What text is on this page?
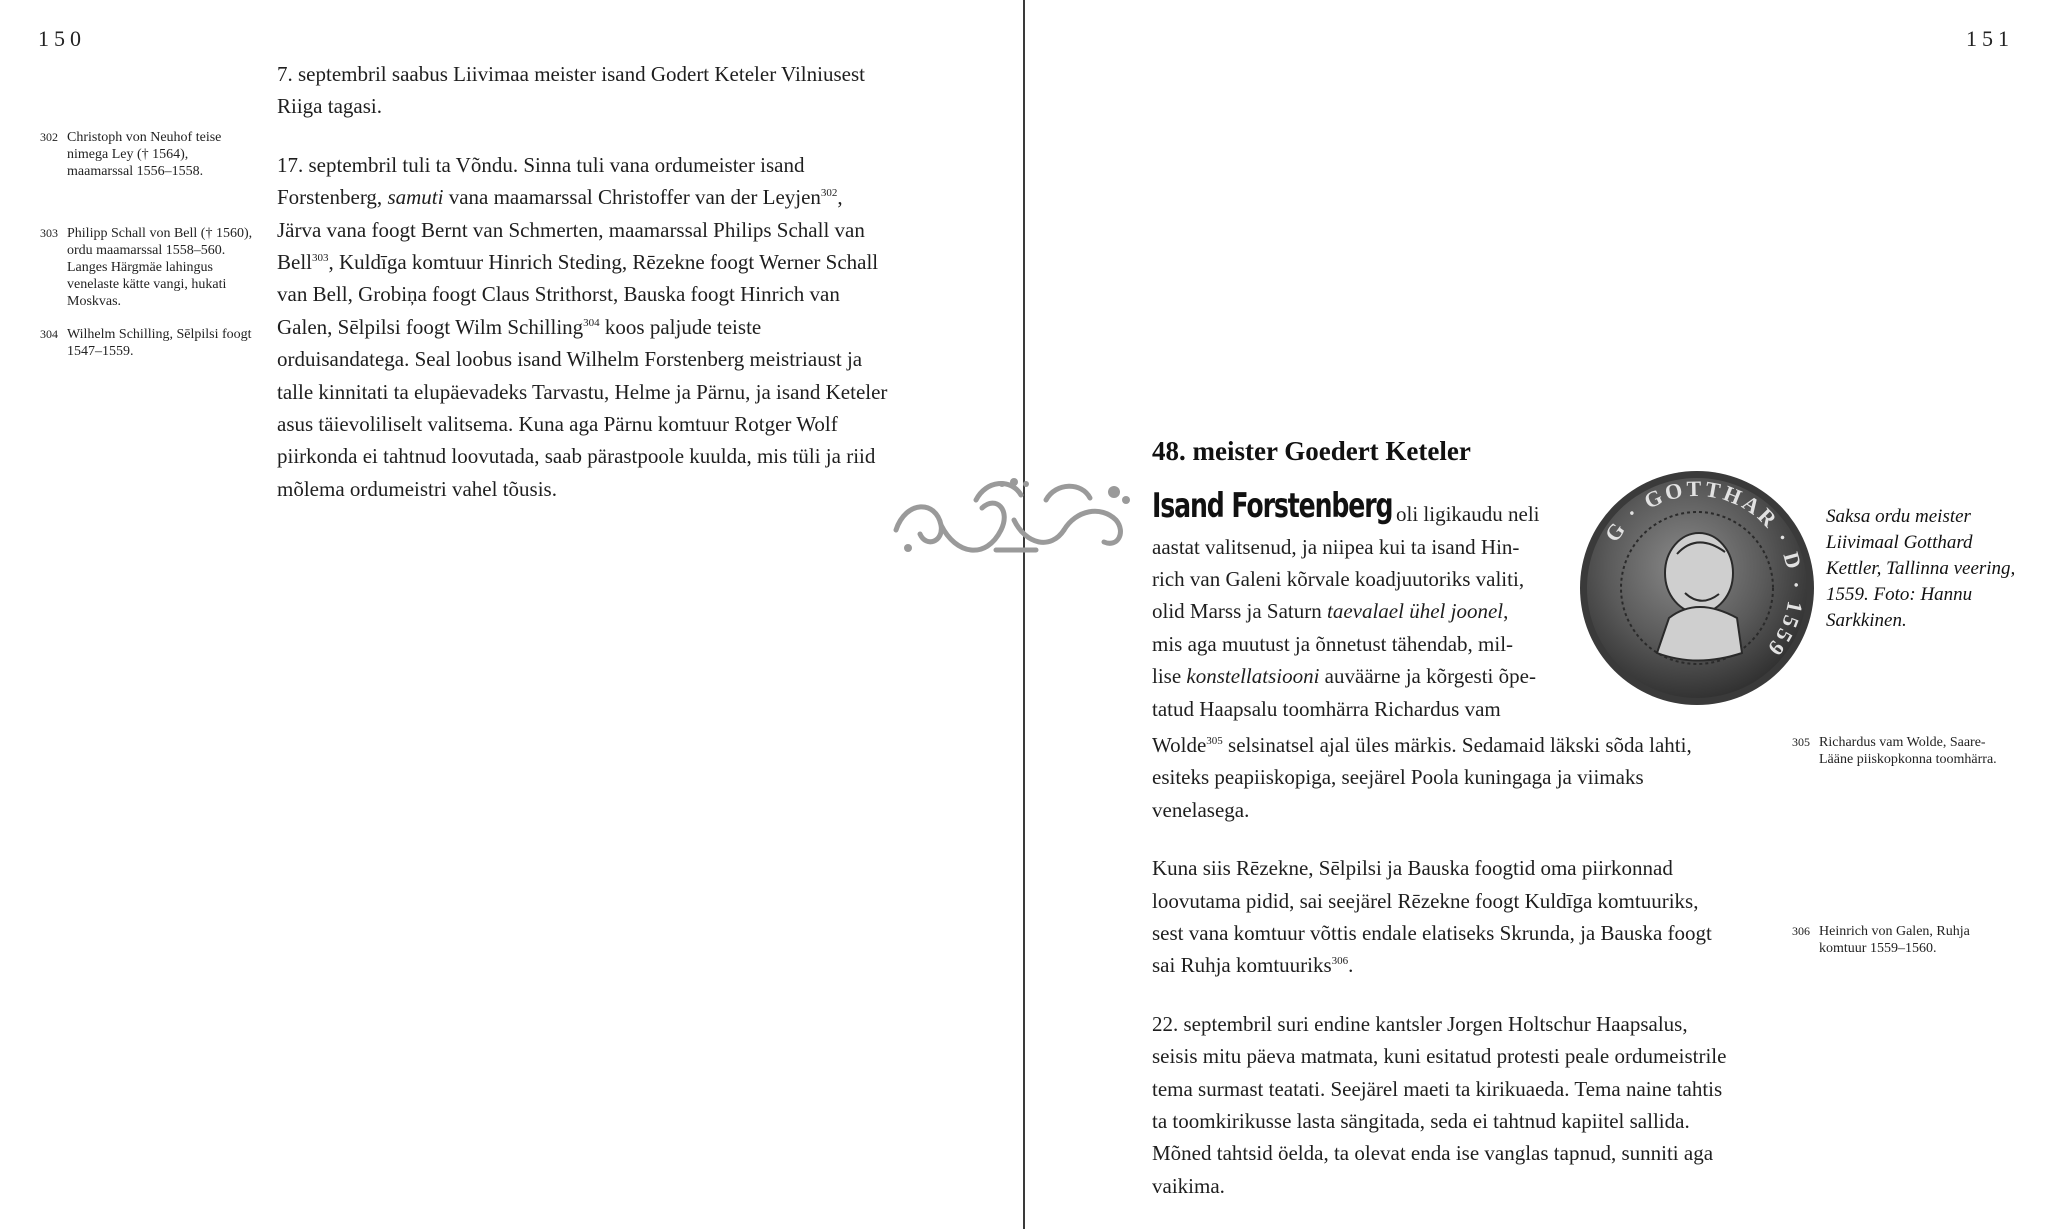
150
302 Christoph von Neuhof teise nimega Ley († 1564), maamarssal 1556–1558.
303 Philipp Schall von Bell († 1560), ordu maamarssal 1558–560. Langes Härgmäe lahingus venelaste kätte vangi, hukati Moskvas.
304 Wilhelm Schilling, Sēlpilsi foogt 1547–1559.

7. septembril saabus Liivimaa meister isand Godert Keteler Vilniusest Riiga tagasi.

17. septembril tuli ta Võndu. Sinna tuli vana ordumeister isand Forstenberg, samuti vana maamarssal Christoffer van der Leyjen$^{302}$, Järva vana foogt Bernt van Schmerten, maamarssal Philips Schall van Bell$^{303}$, Kuldīga komtuur Hinrich Steding, Rēzekne foogt Werner Schall van Bell, Grobiņa foogt Claus Strithorst, Bauska foogt Hinrich van Galen, Sēlpilsi foogt Wilm Schilling$^{304}$ koos paljude teiste orduisandatega. Seal loobus isand Wilhelm Forstenberg meistriaust ja talle kinnitati ta elupäevadeks Tarvastu, Helme ja Pärnu, ja isand Keteler asus täievoliliselt valitsema. Kuna aga Pärnu komtuur Rotger Wolf piirkonda ei tahtnud loovutada, saab pärastpoole kuulda, mis tüli ja riid mõlema ordumeistri vahel tõusis.

151
48. meister Goedert Keteler
Isand Forstenberg oli ligikaudu neli
aastat valitsenud, ja niipea kui ta isand Hin-
rich van Galeni kõrvale koadjuutoriks valiti,
olid Marss ja Saturn taevalael ühel joonel,
mis aga muutust ja õnnetust tähendab, mil-
lise konstellatsiooni auväärne ja kõrgesti õpe-
tatud Haapsalu toomhärra Richardus vam

Wolde$^{305}$ selsinatsel ajal üles märkis. Sedamaid läkski sõda lahti, esiteks peapiiskopiga, seejärel Poola kuningaga ja viimaks venelasega.

Kuna siis Rēzekne, Sēlpilsi ja Bauska foogtid oma piirkonnad loovutama pidid, sai seejärel Rēzekne foogt Kuldīga komtuuriks, sest vana komtuur võttis endale elatiseks Skrunda, ja Bauska foogt sai Ruhja komtuuriks$^{306}$.

22. septembril suri endine kantsler Jorgen Holtschur Haapsalus, seisis mitu päeva matmata, kuni esitatud protesti peale ordumeistrile tema surmast teatati. Seejärel maeti ta kirikuaeda. Tema naine tahtis ta toomkirikusse lasta sängitada, seda ei tahtnud kapiitel sallida. Mõned tahtsid öelda, ta olevat enda ise vanglas tapnud, sunniti aga vaikima.

305 Richardus vam Wolde, Saare-Lääne piiskopkonna toomhärra.
306 Heinrich von Galen, Ruhja komtuur 1559–1560.
G · GOTTHAR · D · 1559
Saksa ordu meister Liivimaal Gotthard Kettler, Tallinna veering, 1559. Foto: Hannu Sarkkinen.
